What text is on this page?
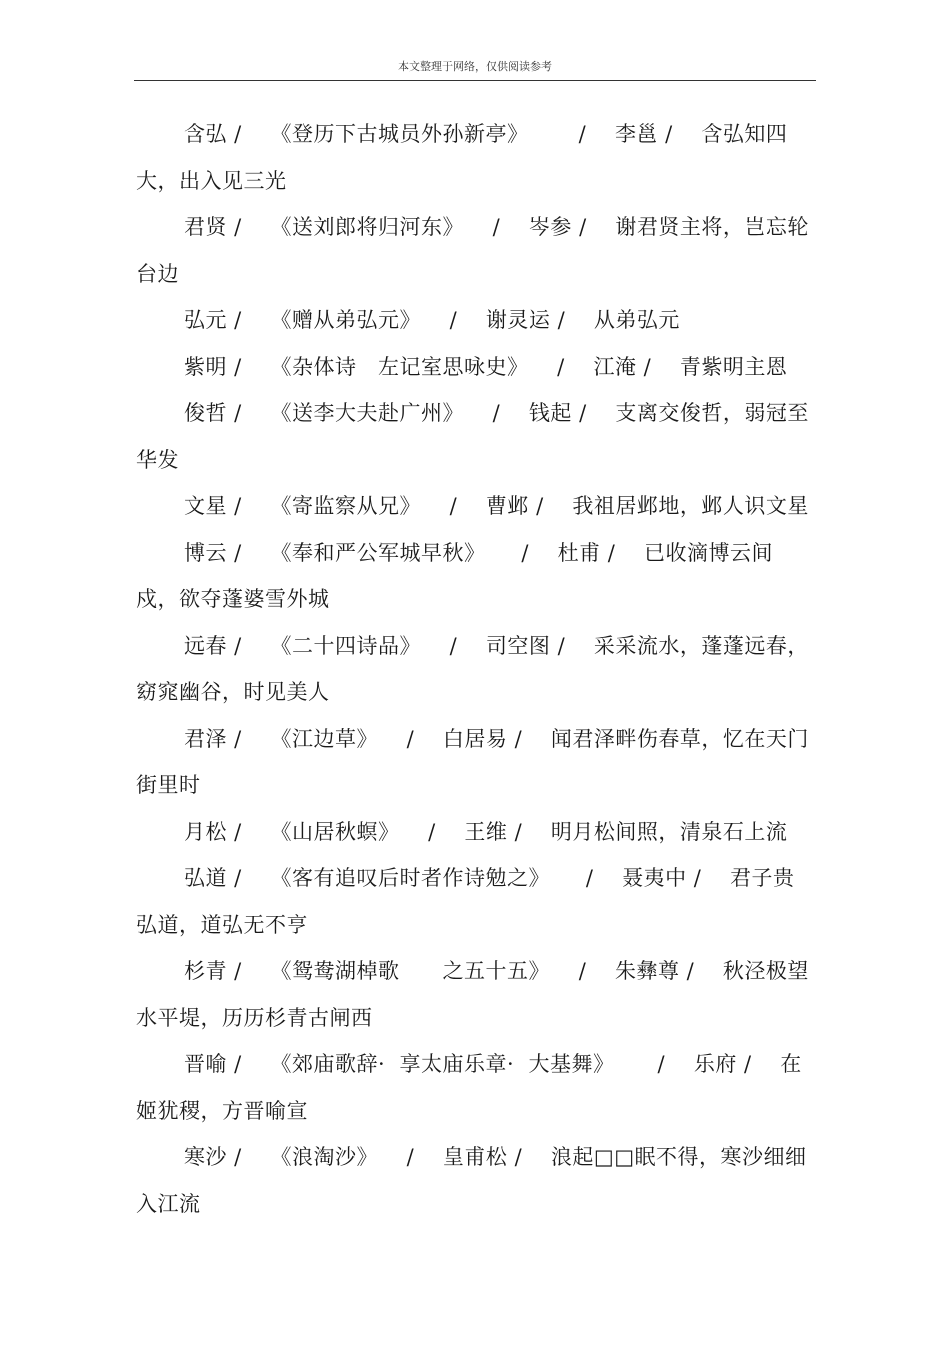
本文整理于网络，仅供阅读参考

含弘 /    《登历下古城员外孙新亭》       /    李邕 /    含弘知四大，出入见三光

君贤 /    《送刘郎将归河东》    /    岑参 /    谢君贤主将，岂忘轮台边

弘元 /    《赠从弟弘元》    /    谢灵运 /    从弟弘元

紫明 /    《杂体诗   左记室思咏史》    /    江淹 /    青紫明主恩

俊哲 /    《送李大夫赴广州》    /    钱起 /    支离交俊哲，弱冠至华发

文星 /    《寄监察从兄》    /    曹邺 /    我祖居邺地，邺人识文星

博云 /    《奉和严公军城早秋》     /    杜甫 /    已收滴博云间戍，欲夺蓬婆雪外城

远春 /    《二十四诗品》    /    司空图 /    采采流水，蓬蓬远春，窈窕幽谷，时见美人

君泽 /    《江边草》    /    白居易 /    闻君泽畔伤春草，忆在天门街里时

月松 /    《山居秋螟》    /    王维 /    明月松间照，清泉石上流

弘道 /    《客有追叹后时者作诗勉之》     /    聂夷中 /    君子贵弘道，道弘无不亨

杉青 /    《鸳鸯湖棹歌      之五十五》    /    朱彝尊 /    秋泾极望水平堤，历历杉青古闸西

晋喻 /    《郊庙歌辞·  享太庙乐章·  大基舞》      /    乐府 /    在姬犹稷，方晋喻宣

寒沙 /    《浪淘沙》    /    皇甫松 /    浪起□□眠不得，寒沙细细入江流
